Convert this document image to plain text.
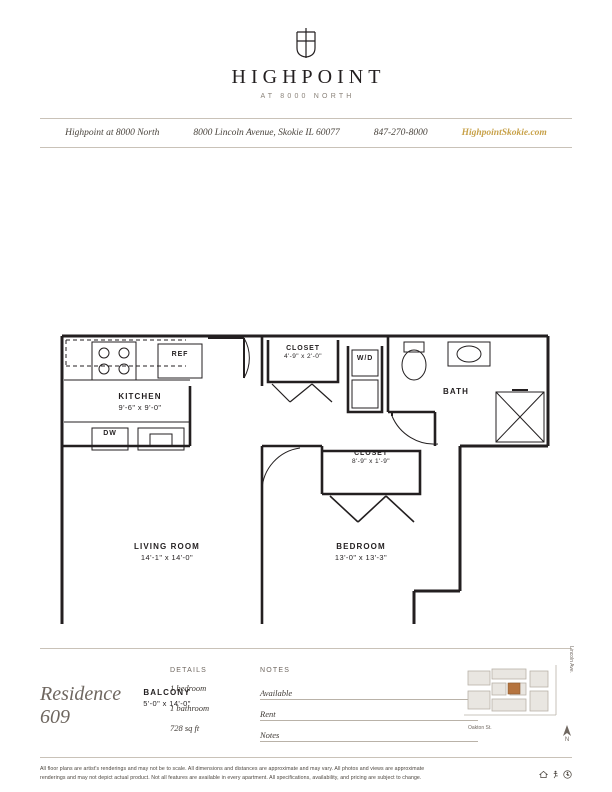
HIGHPOINT
AT 8000 NORTH
Highpoint at 8000 North	8000 Lincoln Avenue, Skokie IL 60077	847-270-8000	HighpointSkokie.com
KITCHEN
9'-6" x 9'-0"
CLOSET
4'-9" x 2'-0"	W/D
BATH
REF
DW
CLOSET
8'-9" x 1'-9"
LIVING ROOM
14'-1" x 14'-0"
BEDROOM
13'-0" x 13'-3"
BALCONY
5'-0" x 14'-0"
Residence
609
DETAILS
1 bedroom
1 bathroom
728 sq ft
NOTES
Available
Rent
Notes
Oakton St.
Lincoln Ave.
N
All floor plans are artist's renderings and may not be to scale. All dimensions and distances are approximate and may vary. All photos and views are approximate
renderings and may not depict actual product. Not all features are available in every apartment. All specifications, availability, and pricing are subject to change.
